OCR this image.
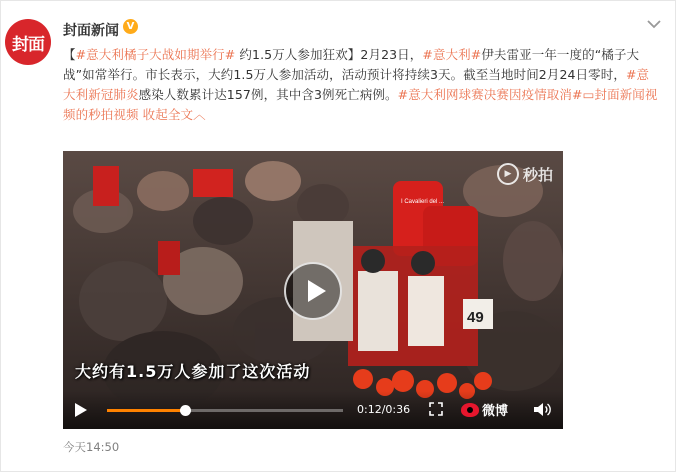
封面
封面新闻 V
【#意大利橘子大战如期举行# 约1.5万人参加狂欢】2月23日，#意大利#伊夫雷亚一年一度的“橘子大战”如常举行。市长表示，大约1.5万人参加活动，活动预计将持续3天。截至当地时间2月24日零时，#意大利新冠肺炎感染人数累计达157例，其中含3例死亡病例。#意大利网球赛决赛因疫情取消#▭封面新闻视频的秒拍视频 收起全文︿
49
I Cavalieri del ...
▶ 秒拍
大约有1.5万人参加了这次活动
0:12/0:36	微博
今天14:50
